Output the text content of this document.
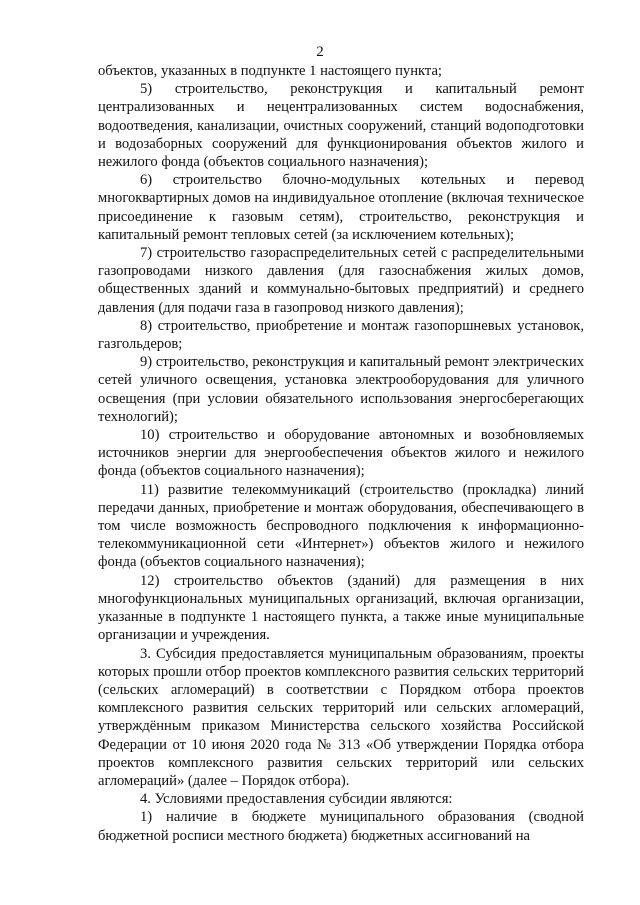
2

объектов, указанных в подпункте 1 настоящего пункта;

5) строительство, реконструкция и капитальный ремонт централизованных и нецентрализованных систем водоснабжения, водоотведения, канализации, очистных сооружений, станций водоподготовки и водозаборных сооружений для функционирования объектов жилого и нежилого фонда (объектов социального назначения);

6) строительство блочно-модульных котельных и перевод многоквартирных домов на индивидуальное отопление (включая техническое присоединение к газовым сетям), строительство, реконструкция и капитальный ремонт тепловых сетей (за исключением котельных);

7) строительство газораспределительных сетей с распределительными газопроводами низкого давления (для газоснабжения жилых домов, общественных зданий и коммунально-бытовых предприятий) и среднего давления (для подачи газа в газопровод низкого давления);

8) строительство, приобретение и монтаж газопоршневых установок, газгольдеров;

9) строительство, реконструкция и капитальный ремонт электрических сетей уличного освещения, установка электрооборудования для уличного освещения (при условии обязательного использования энергосберегающих технологий);

10) строительство и оборудование автономных и возобновляемых источников энергии для энергообеспечения объектов жилого и нежилого фонда (объектов социального назначения);

11) развитие телекоммуникаций (строительство (прокладка) линий передачи данных, приобретение и монтаж оборудования, обеспечивающего в том числе возможность беспроводного подключения к информационно-телекоммуникационной сети «Интернет») объектов жилого и нежилого фонда (объектов социального назначения);

12) строительство объектов (зданий) для размещения в них многофункциональных муниципальных организаций, включая организации, указанные в подпункте 1 настоящего пункта, а также иные муниципальные организации и учреждения.

3. Субсидия предоставляется муниципальным образованиям, проекты которых прошли отбор проектов комплексного развития сельских территорий (сельских агломераций) в соответствии с Порядком отбора проектов комплексного развития сельских территорий или сельских агломераций, утверждённым приказом Министерства сельского хозяйства Российской Федерации от 10 июня 2020 года № 313 «Об утверждении Порядка отбора проектов комплексного развития сельских территорий или сельских агломераций» (далее – Порядок отбора).

4. Условиями предоставления субсидии являются:

1) наличие в бюджете муниципального образования (сводной бюджетной росписи местного бюджета) бюджетных ассигнований на
